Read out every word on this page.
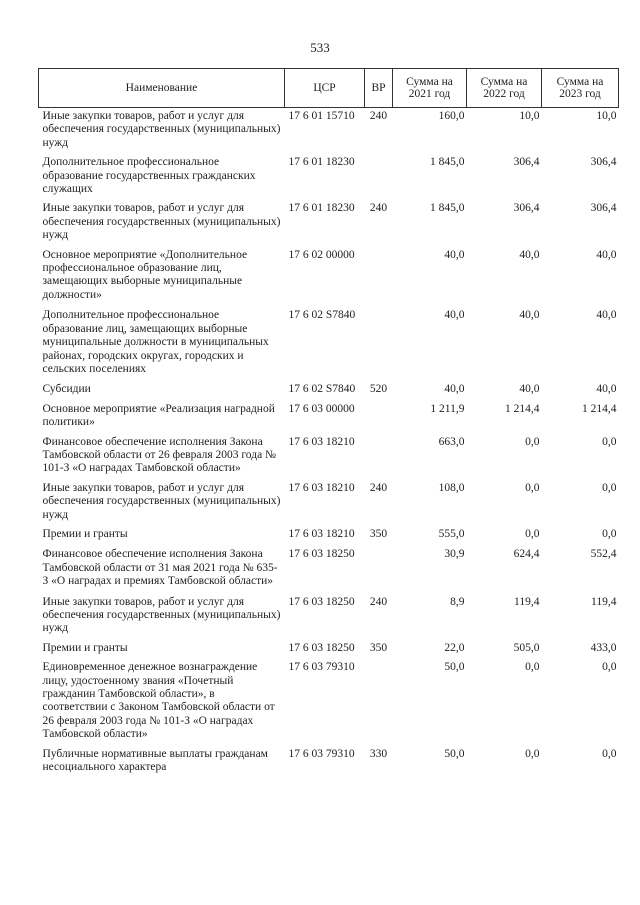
533
Наименование	ЦСР	ВР	Сумма на 2021 год	Сумма на 2022 год	Сумма на 2023 год
Иные закупки товаров, работ и услуг для обеспечения государственных (муниципальных) нужд	17 6 01 15710	240	160,0	10,0	10,0
Дополнительное профессиональное образование государственных гражданских служащих	17 6 01 18230		1 845,0	306,4	306,4
Иные закупки товаров, работ и услуг для обеспечения государственных (муниципальных) нужд	17 6 01 18230	240	1 845,0	306,4	306,4
Основное мероприятие «Дополнительное профессиональное образование лиц, замещающих выборные муниципальные должности»	17 6 02 00000		40,0	40,0	40,0
Дополнительное профессиональное образование лиц, замещающих выборные муниципальные должности в муниципальных районах, городских округах, городских и сельских поселениях	17 6 02 S7840		40,0	40,0	40,0
Субсидии	17 6 02 S7840	520	40,0	40,0	40,0
Основное мероприятие «Реализация наградной политики»	17 6 03 00000		1 211,9	1 214,4	1 214,4
Финансовое обеспечение исполнения Закона Тамбовской области от 26 февраля 2003 года № 101-З «О наградах Тамбовской области»	17 6 03 18210		663,0	0,0	0,0
Иные закупки товаров, работ и услуг для обеспечения государственных (муниципальных) нужд	17 6 03 18210	240	108,0	0,0	0,0
Премии и гранты	17 6 03 18210	350	555,0	0,0	0,0
Финансовое обеспечение исполнения Закона Тамбовской области от 31 мая 2021 года № 635-З «О наградах и премиях Тамбовской области»	17 6 03 18250		30,9	624,4	552,4
Иные закупки товаров, работ и услуг для обеспечения государственных (муниципальных) нужд	17 6 03 18250	240	8,9	119,4	119,4
Премии и гранты	17 6 03 18250	350	22,0	505,0	433,0
Единовременное денежное вознаграждение лицу, удостоенному звания «Почетный гражданин Тамбовской области», в соответствии с Законом Тамбовской области от 26 февраля 2003 года № 101-З «О наградах Тамбовской области»	17 6 03 79310		50,0	0,0	0,0
Публичные нормативные выплаты гражданам несоциального характера	17 6 03 79310	330	50,0	0,0	0,0
